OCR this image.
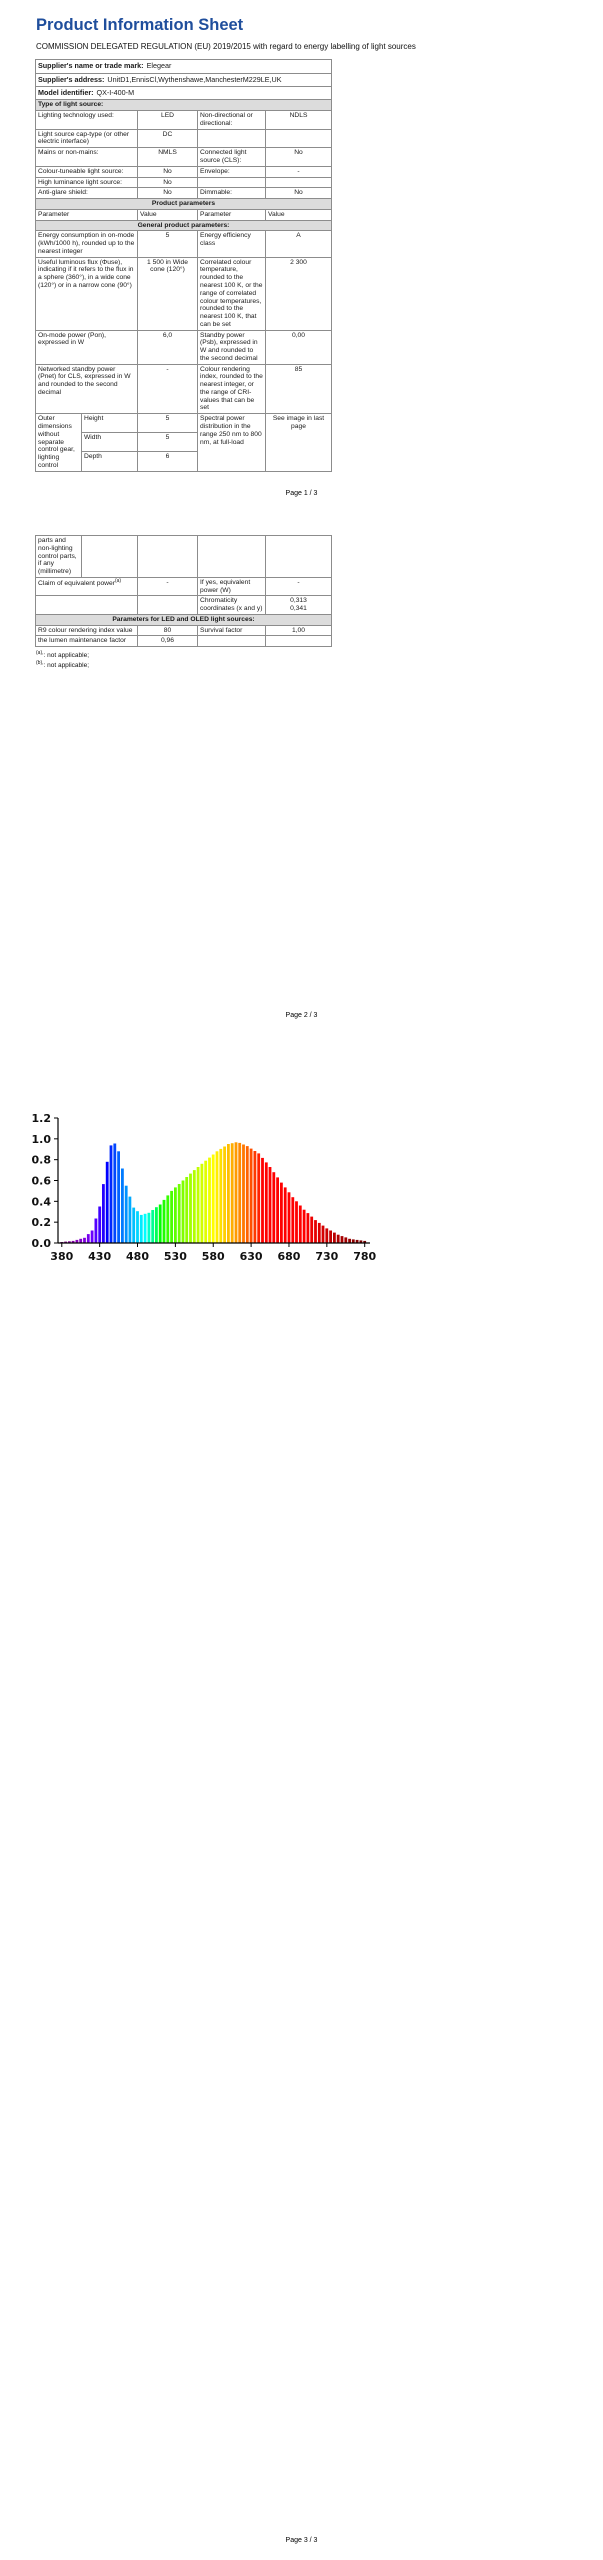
Product Information Sheet

COMMISSION DELEGATED REGULATION (EU) 2019/2015 with regard to energy labelling of light sources

Supplier's name or trade mark: Elegear				
Supplier's address: UnitD1,EnnisCl,Wythenshawe,ManchesterM229LE,UK				
Model identifier: QX-I-400-M				
Type of light source:				
Lighting technology used:		LED	Non-directional or directional:	NDLS
Light source cap-type (or other electric interface)		DC		
Mains or non-mains:		NMLS	Connected light source (CLS):	No
Colour-tuneable light source:		No	Envelope:	-
High luminance light source:		No		
Anti-glare shield:		No	Dimmable:	No
Product parameters				
Parameter		Value	Parameter	Value
General product parameters:				
Energy consumption in on-mode (kWh/1000 h), rounded up to the nearest integer		5	Energy efficiency class	A
Useful luminous flux (Φuse), indicating if it refers to the flux in a sphere (360°), in a wide cone (120°) or in a narrow cone (90°)		1 500 in Wide cone (120°)	Correlated colour temperature, rounded to the nearest 100 K, or the range of correlated colour temperatures, rounded to the nearest 100 K, that can be set	2 300
On-mode power (Pon), expressed in W		6,0	Standby power (Psb), expressed in W and rounded to the second decimal	0,00
Networked standby power (Pnet) for CLS, expressed in W and rounded to the second decimal		-	Colour rendering index, rounded to the nearest integer, or the range of CRI-values that can be set	85
Outer dimensions without separate control gear, lighting control	Height	5	Spectral power distribution in the range 250 nm to 800 nm, at full-load	See image in last page
	Width	5		
	Depth	6		
Page 1 / 3
parts and non-lighting control parts, if any (millimetre)				
Claim of equivalent power$^{(a)}$		-	If yes, equivalent power (W)	-
			Chromaticity coordinates (x and y)	0,313
0,341

Parameters for LED and OLED light sources:				
R9 colour rendering index value		80	Survival factor	1,00
the lumen maintenance factor		0,96		
$^{(a),}$: not applicable;
$^{(b),}$: not applicable;
Page 2 / 3
380 430 480 530 580 630 680 730 780
0.0
0.2
0.4
0.6
0.8
1.0
1.2
Page 3 / 3
